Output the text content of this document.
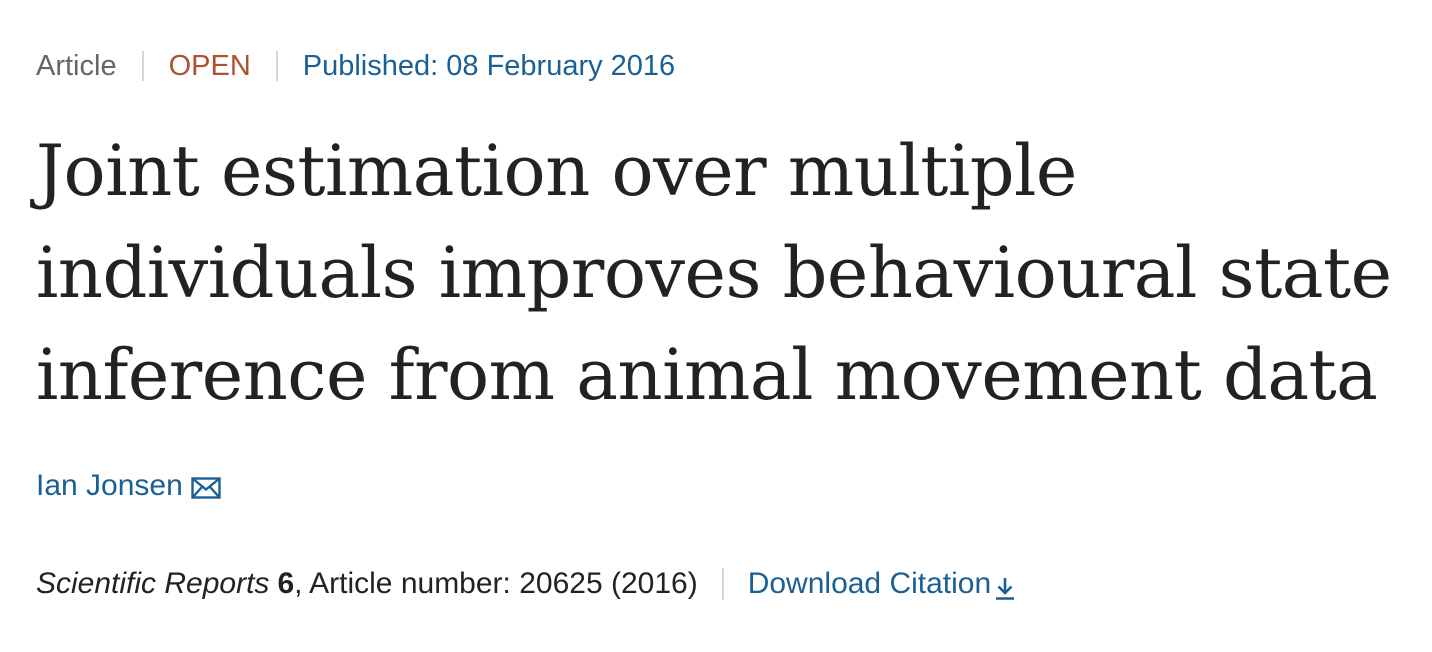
Article OPEN Published: 08 February 2016
Joint estimation over multiple
individuals improves behavioural state
inference from animal movement data
Ian Jonsen
Scientific Reports 6 , Article number: 20625 (2016) Download Citation
